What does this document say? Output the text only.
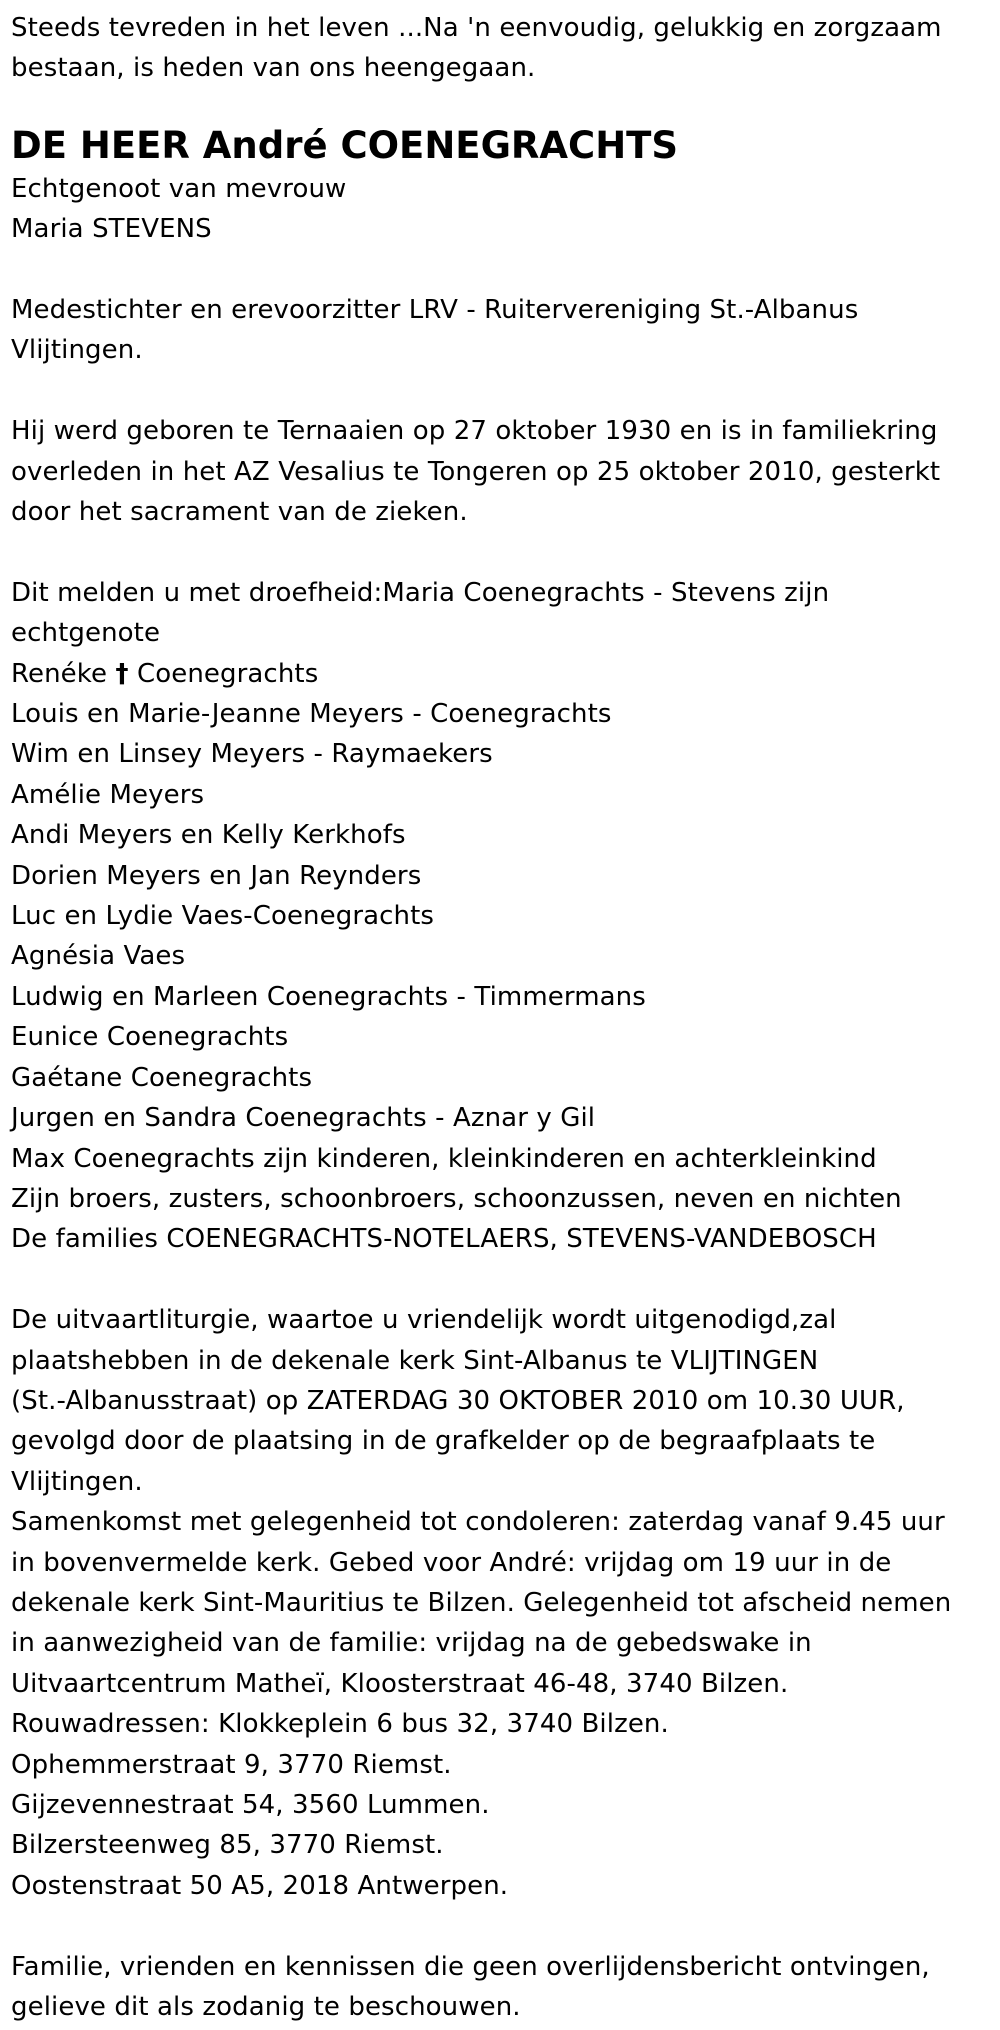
Steeds tevreden in het leven ...Na 'n eenvoudig, gelukkig en zorgzaam
bestaan, is heden van ons heengegaan.
DE HEER André COENEGRACHTS
Echtgenoot van mevrouw
Maria STEVENS
Medestichter en erevoorzitter LRV - Ruitervereniging St.-Albanus
Vlijtingen.
Hij werd geboren te Ternaaien op 27 oktober 1930 en is in familiekring
overleden in het AZ Vesalius te Tongeren op 25 oktober 2010, gesterkt
door het sacrament van de zieken.
Dit melden u met droefheid:Maria Coenegrachts - Stevens zijn
echtgenote
Renéke † Coenegrachts
Louis en Marie-Jeanne Meyers - Coenegrachts
Wim en Linsey Meyers - Raymaekers
Amélie Meyers
Andi Meyers en Kelly Kerkhofs
Dorien Meyers en Jan Reynders
Luc en Lydie Vaes-Coenegrachts
Agnésia Vaes
Ludwig en Marleen Coenegrachts - Timmermans
Eunice Coenegrachts
Gaétane Coenegrachts
Jurgen en Sandra Coenegrachts - Aznar y Gil
Max Coenegrachts zijn kinderen, kleinkinderen en achterkleinkind
Zijn broers, zusters, schoonbroers, schoonzussen, neven en nichten
De families COENEGRACHTS-NOTELAERS, STEVENS-VANDEBOSCH
De uitvaartliturgie, waartoe u vriendelijk wordt uitgenodigd,zal
plaatshebben in de dekenale kerk Sint-Albanus te VLIJTINGEN
(St.-Albanusstraat) op ZATERDAG 30 OKTOBER 2010 om 10.30 UUR,
gevolgd door de plaatsing in de grafkelder op de begraafplaats te
Vlijtingen.
Samenkomst met gelegenheid tot condoleren: zaterdag vanaf 9.45 uur
in bovenvermelde kerk. Gebed voor André: vrijdag om 19 uur in de
dekenale kerk Sint-Mauritius te Bilzen. Gelegenheid tot afscheid nemen
in aanwezigheid van de familie: vrijdag na de gebedswake in
Uitvaartcentrum Matheï, Kloosterstraat 46-48, 3740 Bilzen.
Rouwadressen: Klokkeplein 6 bus 32, 3740 Bilzen.
Ophemmerstraat 9, 3770 Riemst.
Gijzevennestraat 54, 3560 Lummen.
Bilzersteenweg 85, 3770 Riemst.
Oostenstraat 50 A5, 2018 Antwerpen.
Familie, vrienden en kennissen die geen overlijdensbericht ontvingen,
gelieve dit als zodanig te beschouwen.
